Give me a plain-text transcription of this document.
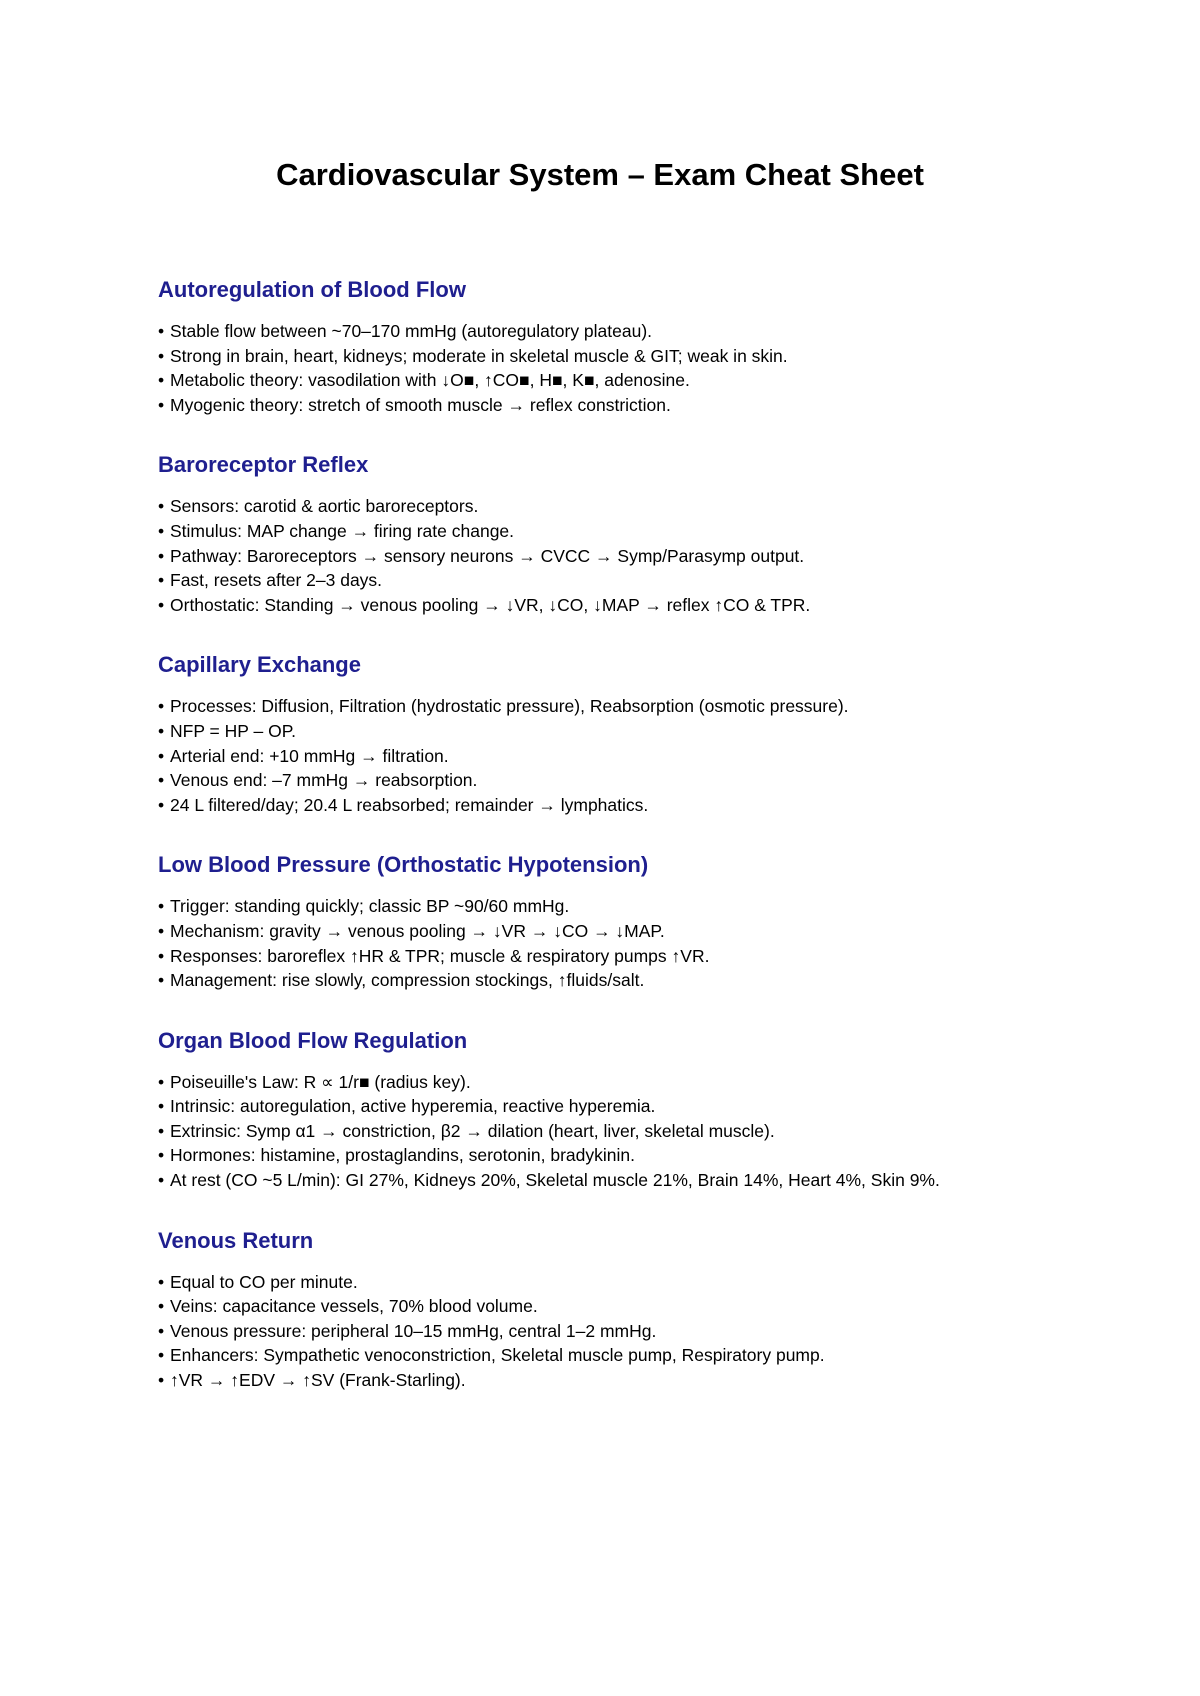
Cardiovascular System – Exam Cheat Sheet
Autoregulation of Blood Flow
• Stable flow between ~70–170 mmHg (autoregulatory plateau).
• Strong in brain, heart, kidneys; moderate in skeletal muscle & GIT; weak in skin.
• Metabolic theory: vasodilation with ↓O■, ↑CO■, H■, K■, adenosine.
• Myogenic theory: stretch of smooth muscle → reflex constriction.
Baroreceptor Reflex
• Sensors: carotid & aortic baroreceptors.
• Stimulus: MAP change → firing rate change.
• Pathway: Baroreceptors → sensory neurons → CVCC → Symp/Parasymp output.
• Fast, resets after 2–3 days.
• Orthostatic: Standing → venous pooling → ↓VR, ↓CO, ↓MAP → reflex ↑CO & TPR.
Capillary Exchange
• Processes: Diffusion, Filtration (hydrostatic pressure), Reabsorption (osmotic pressure).
• NFP = HP – OP.
• Arterial end: +10 mmHg → filtration.
• Venous end: –7 mmHg → reabsorption.
• 24 L filtered/day; 20.4 L reabsorbed; remainder → lymphatics.
Low Blood Pressure (Orthostatic Hypotension)
• Trigger: standing quickly; classic BP ~90/60 mmHg.
• Mechanism: gravity → venous pooling → ↓VR → ↓CO → ↓MAP.
• Responses: baroreflex ↑HR & TPR; muscle & respiratory pumps ↑VR.
• Management: rise slowly, compression stockings, ↑fluids/salt.
Organ Blood Flow Regulation
• Poiseuille's Law: R ∝ 1/r■ (radius key).
• Intrinsic: autoregulation, active hyperemia, reactive hyperemia.
• Extrinsic: Symp α1 → constriction, β2 → dilation (heart, liver, skeletal muscle).
• Hormones: histamine, prostaglandins, serotonin, bradykinin.
• At rest (CO ~5 L/min): GI 27%, Kidneys 20%, Skeletal muscle 21%, Brain 14%, Heart 4%, Skin 9%.
Venous Return
• Equal to CO per minute.
• Veins: capacitance vessels, 70% blood volume.
• Venous pressure: peripheral 10–15 mmHg, central 1–2 mmHg.
• Enhancers: Sympathetic venoconstriction, Skeletal muscle pump, Respiratory pump.
• ↑VR → ↑EDV → ↑SV (Frank-Starling).
